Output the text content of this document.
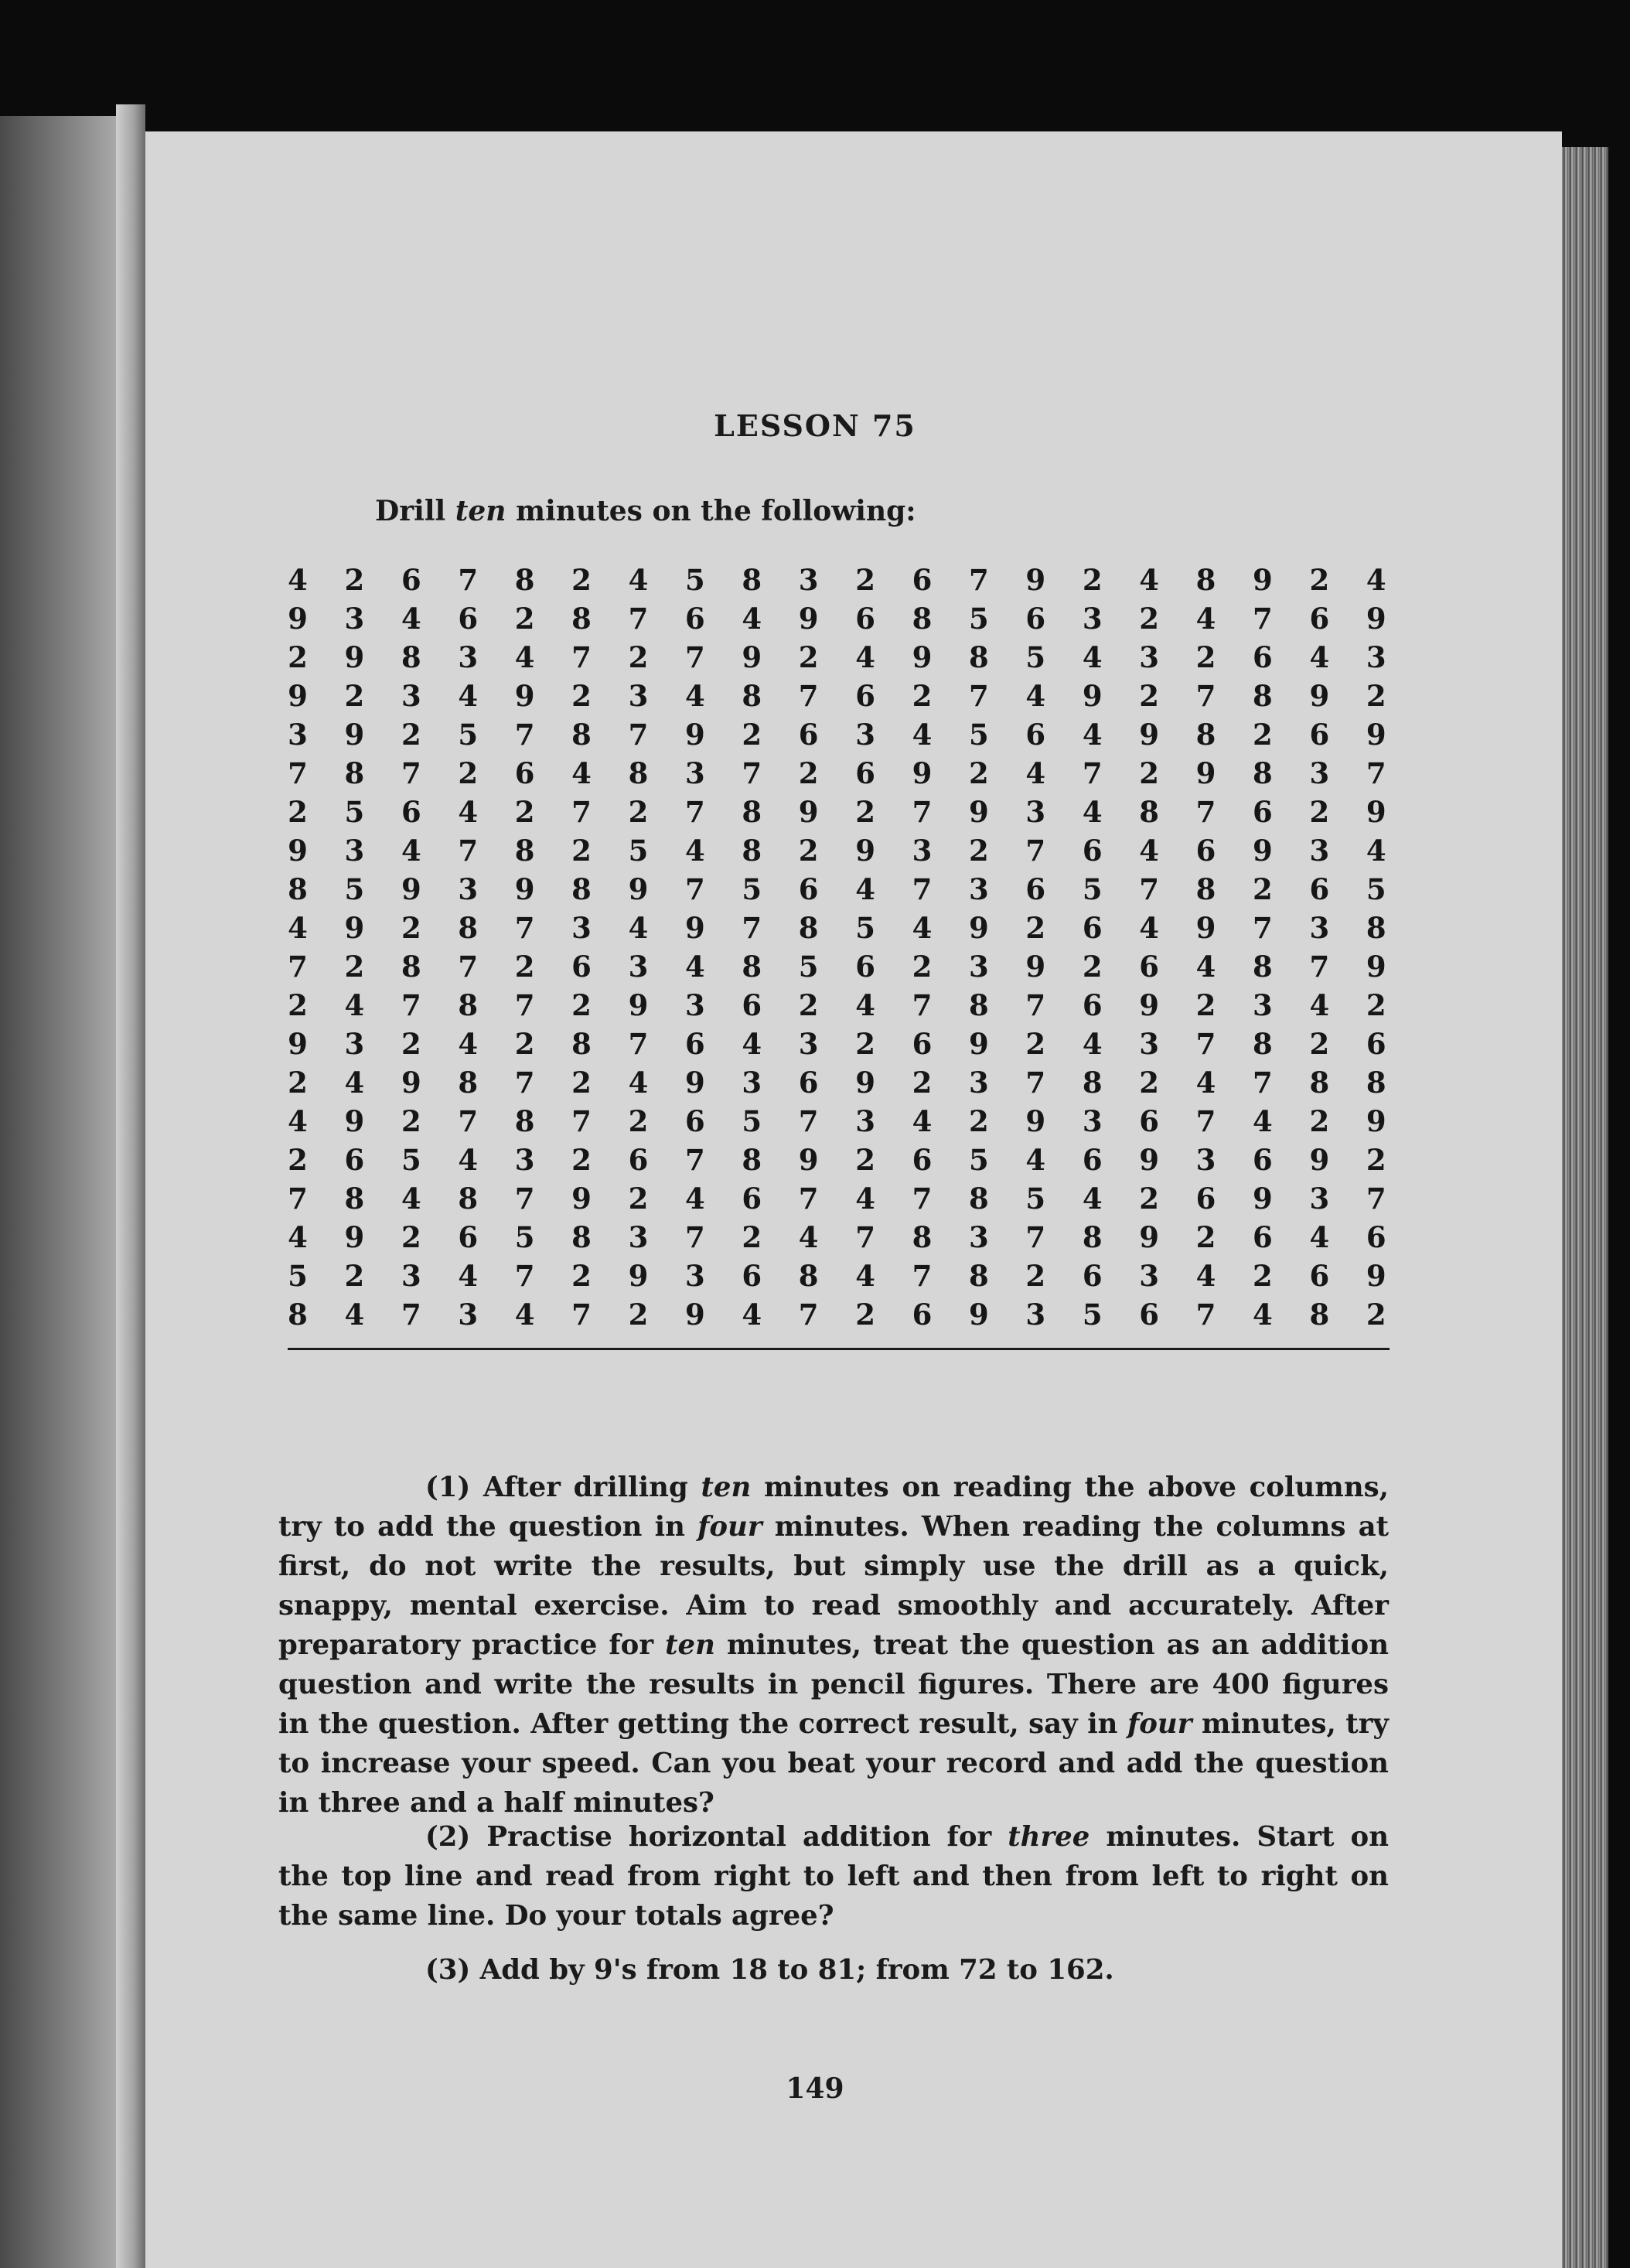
LESSON 75
Drill ten minutes on the following:
4	2	6	7	8	2	4	5	8	3	2	6	7	9	2	4	8	9	2	4
9	3	4	6	2	8	7	6	4	9	6	8	5	6	3	2	4	7	6	9
2	9	8	3	4	7	2	7	9	2	4	9	8	5	4	3	2	6	4	3
9	2	3	4	9	2	3	4	8	7	6	2	7	4	9	2	7	8	9	2
3	9	2	5	7	8	7	9	2	6	3	4	5	6	4	9	8	2	6	9
7	8	7	2	6	4	8	3	7	2	6	9	2	4	7	2	9	8	3	7
2	5	6	4	2	7	2	7	8	9	2	7	9	3	4	8	7	6	2	9
9	3	4	7	8	2	5	4	8	2	9	3	2	7	6	4	6	9	3	4
8	5	9	3	9	8	9	7	5	6	4	7	3	6	5	7	8	2	6	5
4	9	2	8	7	3	4	9	7	8	5	4	9	2	6	4	9	7	3	8
7	2	8	7	2	6	3	4	8	5	6	2	3	9	2	6	4	8	7	9
2	4	7	8	7	2	9	3	6	2	4	7	8	7	6	9	2	3	4	2
9	3	2	4	2	8	7	6	4	3	2	6	9	2	4	3	7	8	2	6
2	4	9	8	7	2	4	9	3	6	9	2	3	7	8	2	4	7	8	8
4	9	2	7	8	7	2	6	5	7	3	4	2	9	3	6	7	4	2	9
2	6	5	4	3	2	6	7	8	9	2	6	5	4	6	9	3	6	9	2
7	8	4	8	7	9	2	4	6	7	4	7	8	5	4	2	6	9	3	7
4	9	2	6	5	8	3	7	2	4	7	8	3	7	8	9	2	6	4	6
5	2	3	4	7	2	9	3	6	8	4	7	8	2	6	3	4	2	6	9
8	4	7	3	4	7	2	9	4	7	2	6	9	3	5	6	7	4	8	2

(1) After drilling ten minutes on reading the above columns, try to add the question in four minutes. When reading the columns at first, do not write the results, but simply use the drill as a quick, snappy, mental exercise. Aim to read smoothly and accurately. After preparatory practice for ten minutes, treat the question as an addition question and write the results in pencil figures. There are 400 figures in the question. After getting the correct result, say in four minutes, try to increase your speed. Can you beat your record and add the question in three and a half minutes?

(2) Practise horizontal addition for three minutes. Start on the top line and read from right to left and then from left to right on the same line. Do your totals agree?

(3) Add by 9's from 18 to 81; from 72 to 162.

149
